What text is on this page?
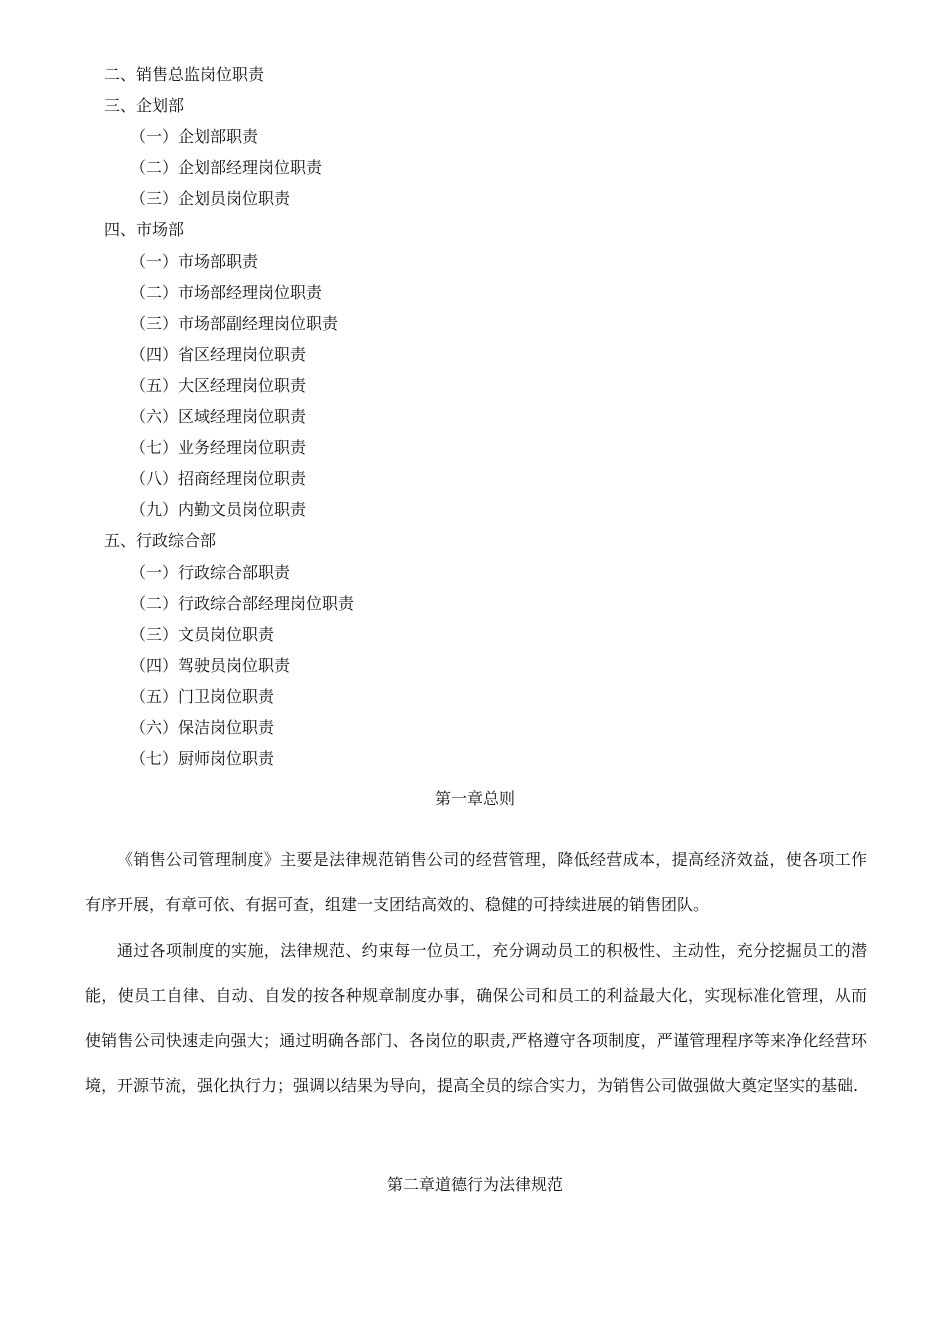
二、销售总监岗位职责
三、企划部
（一）企划部职责
（二）企划部经理岗位职责
（三）企划员岗位职责
四、市场部
（一）市场部职责
（二）市场部经理岗位职责
（三）市场部副经理岗位职责
（四）省区经理岗位职责
（五）大区经理岗位职责
（六）区域经理岗位职责
（七）业务经理岗位职责
（八）招商经理岗位职责
（九）内勤文员岗位职责
五、行政综合部
（一）行政综合部职责
（二）行政综合部经理岗位职责
（三）文员岗位职责
（四）驾驶员岗位职责
（五）门卫岗位职责
（六）保洁岗位职责
（七）厨师岗位职责
第一章总则

《销售公司管理制度》主要是法律规范销售公司的经营管理，降低经营成本，提高经济效益，使各项工作有序开展，有章可依、有据可查，组建一支团结高效的、稳健的可持续进展的销售团队。

通过各项制度的实施，法律规范、约束每一位员工，充分调动员工的积极性、主动性，充分挖掘员工的潜能，使员工自律、自动、自发的按各种规章制度办事，确保公司和员工的利益最大化，实现标准化管理，从而使销售公司快速走向强大；通过明确各部门、各岗位的职责,严格遵守各项制度，严谨管理程序等来净化经营环境，开源节流，强化执行力；强调以结果为导向，提高全员的综合实力，为销售公司做强做大奠定坚实的基础.

第二章道德行为法律规范
